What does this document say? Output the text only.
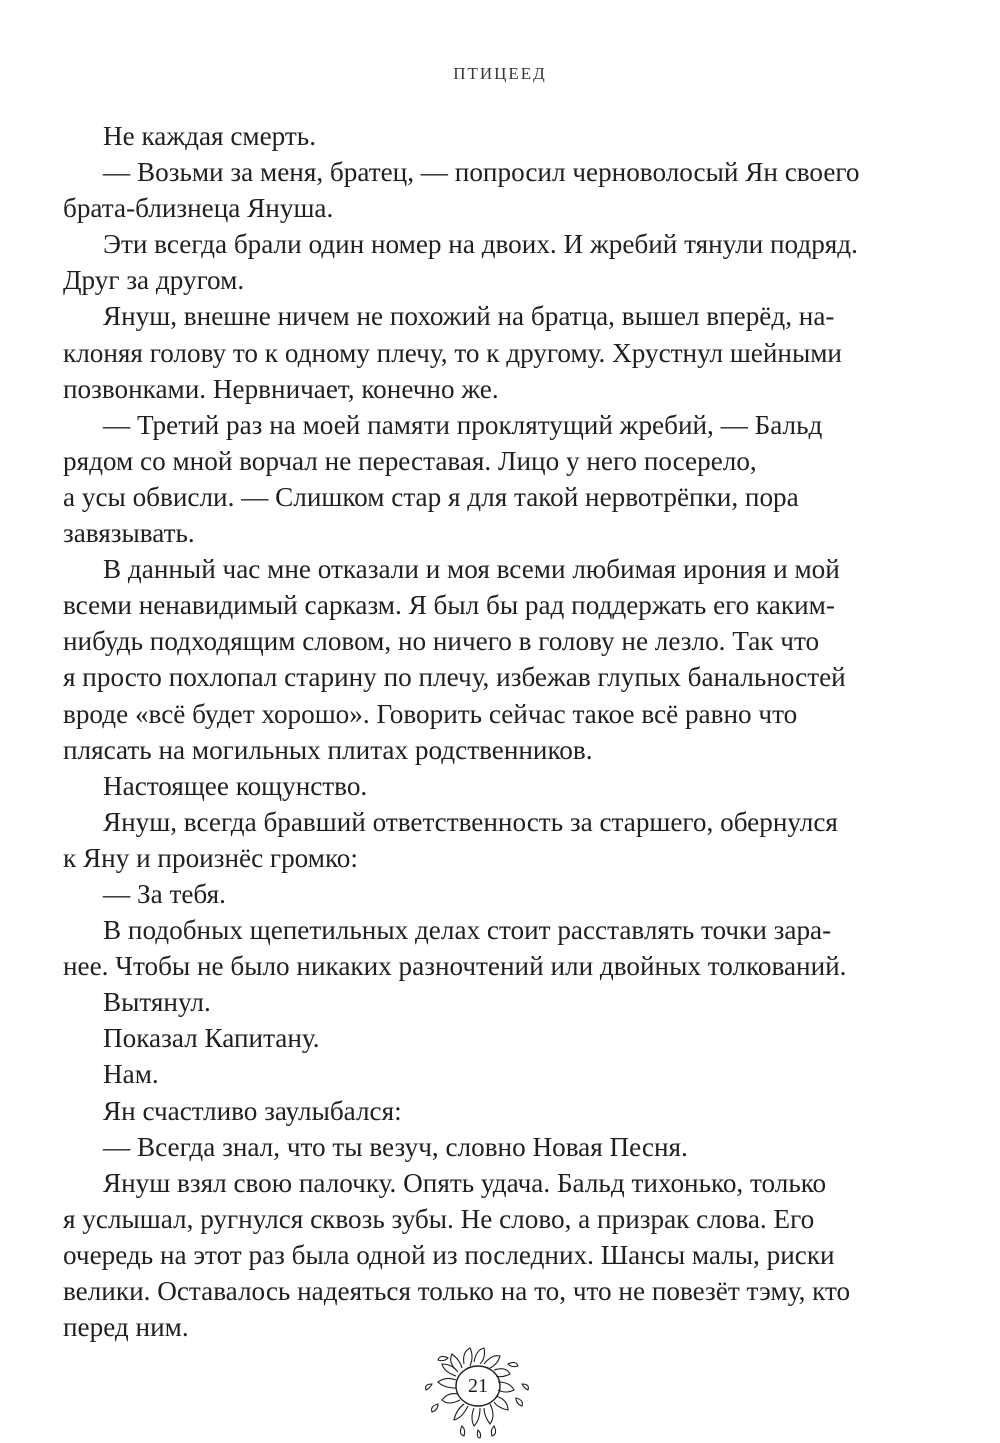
ПТИЦЕЕД

Не каждая смерть.

— Возьми за меня, братец, — попросил черноволосый Ян своего

брата-близнеца Януша.

Эти всегда брали один номер на двоих. И жребий тянули подряд.

Друг за другом.

Януш, внешне ничем не похожий на братца, вышел вперёд, на-

клоняя голову то к одному плечу, то к другому. Хрустнул шейными

позвонками. Нервничает, конечно же.

— Третий раз на моей памяти проклятущий жребий, — Бальд

рядом со мной ворчал не переставая. Лицо у него посерело,

а усы обвисли. — Слишком стар я для такой нервотрёпки, пора

завязывать.

В данный час мне отказали и моя всеми любимая ирония и мой

всеми ненавидимый сарказм. Я был бы рад поддержать его каким-

нибудь подходящим словом, но ничего в голову не лезло. Так что

я просто похлопал старину по плечу, избежав глупых банальностей

вроде «всё будет хорошо». Говорить сейчас такое всё равно что

плясать на могильных плитах родственников.

Настоящее кощунство.

Януш, всегда бравший ответственность за старшего, обернулся

к Яну и произнёс громко:

— За тебя.

В подобных щепетильных делах стоит расставлять точки зара-

нее. Чтобы не было никаких разночтений или двойных толкований.

Вытянул.

Показал Капитану.

Нам.

Ян счастливо заулыбался:

— Всегда знал, что ты везуч, словно Новая Песня.

Януш взял свою палочку. Опять удача. Бальд тихонько, только

я услышал, ругнулся сквозь зубы. Не слово, а призрак слова. Его

очередь на этот раз была одной из последних. Шансы малы, риски

велики. Оставалось надеяться только на то, что не повезёт тэму, кто

перед ним.

21
